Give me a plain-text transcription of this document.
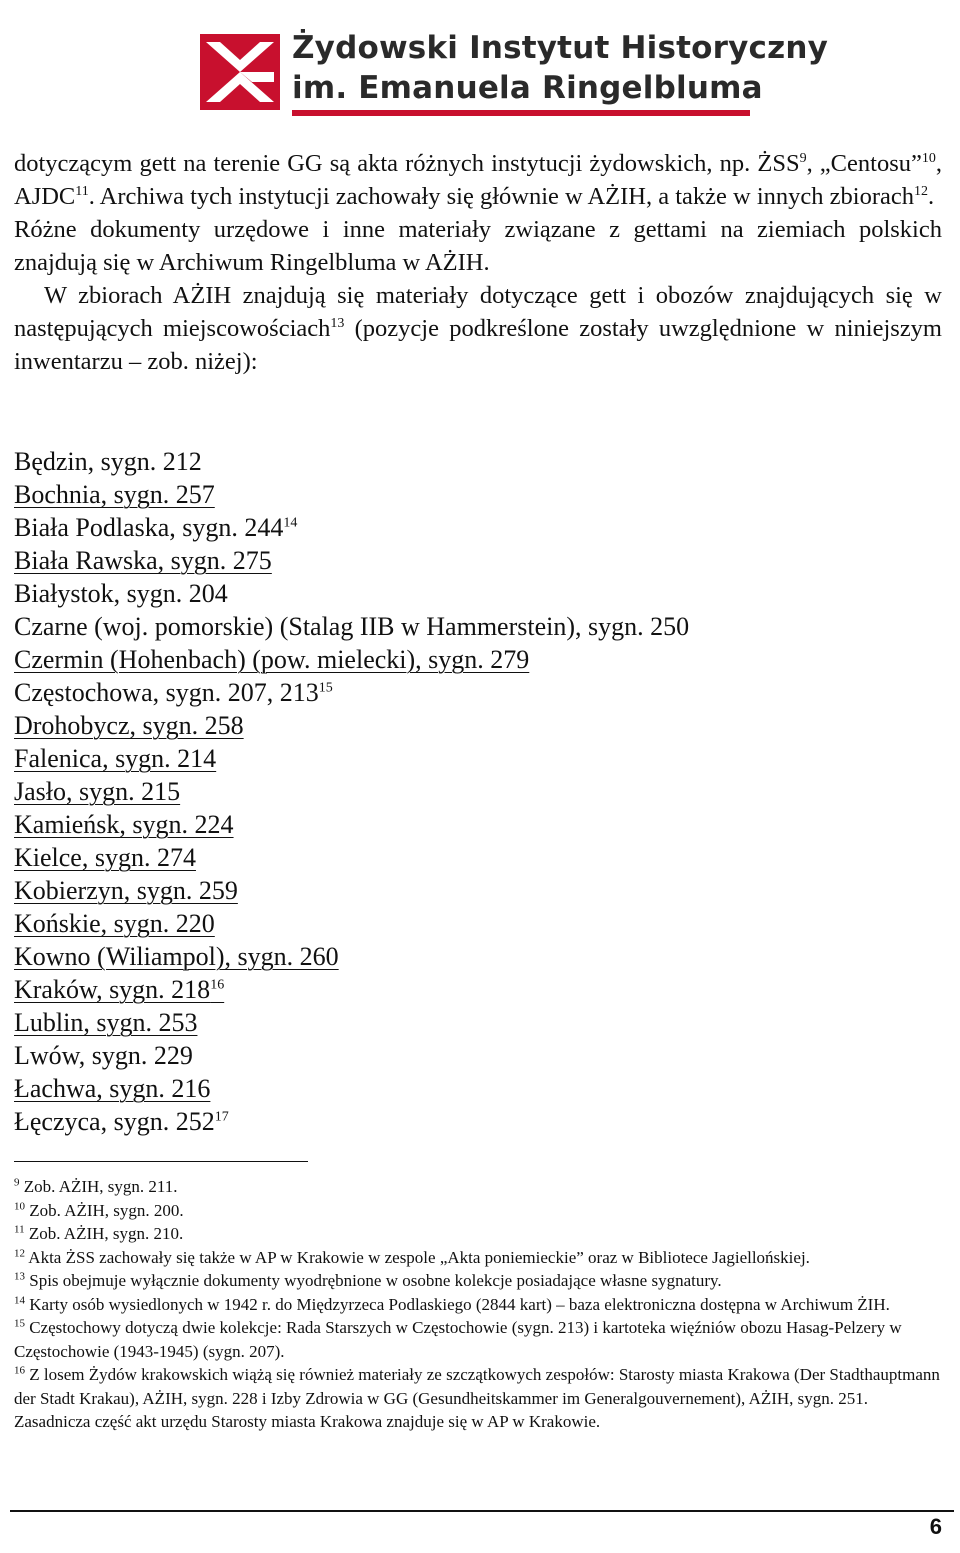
Żydowski Instytut Historyczny
im. Emanuela Ringelbluma

dotyczącym gett na terenie GG są akta różnych instytucji żydowskich, np. ŻSS$^9$, „Centosu”$^{10}$, AJDC$^{11}$. Archiwa tych instytucji zachowały się głównie w AŻIH, a także w innych zbiorach$^{12}$.

Różne dokumenty urzędowe i inne materiały związane z gettami na ziemiach polskich znajdują się w Archiwum Ringelbluma w AŻIH.

W zbiorach AŻIH znajdują się materiały dotyczące gett i obozów znajdujących się w następujących miejscowościach$^{13}$ (pozycje podkreślone zostały uwzględnione w niniejszym inwentarzu – zob. niżej):

Będzin, sygn. 212
Bochnia, sygn. 257
Biała Podlaska, sygn. $244^{14}$
Biała Rawska, sygn. 275
Białystok, sygn. 204
Czarne (woj. pomorskie) (Stalag IIB w Hammerstein), sygn. 250
Czermin (Hohenbach) (pow. mielecki), sygn. 279
Częstochowa, sygn. 207, $213^{15}$
Drohobycz, sygn. 258
Falenica, sygn. 214
Jasło, sygn. 215
Kamieńsk, sygn. 224
Kielce, sygn. 274
Kobierzyn, sygn. 259
Końskie, sygn. 220
Kowno (Wiliampol), sygn. 260
Kraków, sygn. $218^{16}$
Lublin, sygn. 253
Lwów, sygn. 229
Łachwa, sygn. 216
Łęczyca, sygn. $252^{17}$

$^9$ Zob. AŻIH, sygn. 211.

$^{10}$ Zob. AŻIH, sygn. 200.

$^{11}$ Zob. AŻIH, sygn. 210.

$^{12}$ Akta ŻSS zachowały się także w AP w Krakowie w zespole „Akta poniemieckie” oraz w Bibliotece Jagiellońskiej.

$^{13}$ Spis obejmuje wyłącznie dokumenty wyodrębnione w osobne kolekcje posiadające własne sygnatury.

$^{14}$ Karty osób wysiedlonych w 1942 r. do Międzyrzeca Podlaskiego (2844 kart) – baza elektroniczna dostępna w Archiwum ŻIH.

$^{15}$ Częstochowy dotyczą dwie kolekcje: Rada Starszych w Częstochowie (sygn. 213) i kartoteka więźniów obozu Hasag-Pelzery w Częstochowie (1943-1945) (sygn. 207).

$^{16}$ Z losem Żydów krakowskich wiążą się również materiały ze szczątkowych zespołów: Starosty miasta Krakowa (Der Stadthauptmann der Stadt Krakau), AŻIH, sygn. 228 i Izby Zdrowia w GG (Gesundheitskammer im Generalgouvernement), AŻIH, sygn. 251. Zasadnicza część akt urzędu Starosty miasta Krakowa znajduje się w AP w Krakowie.

6
